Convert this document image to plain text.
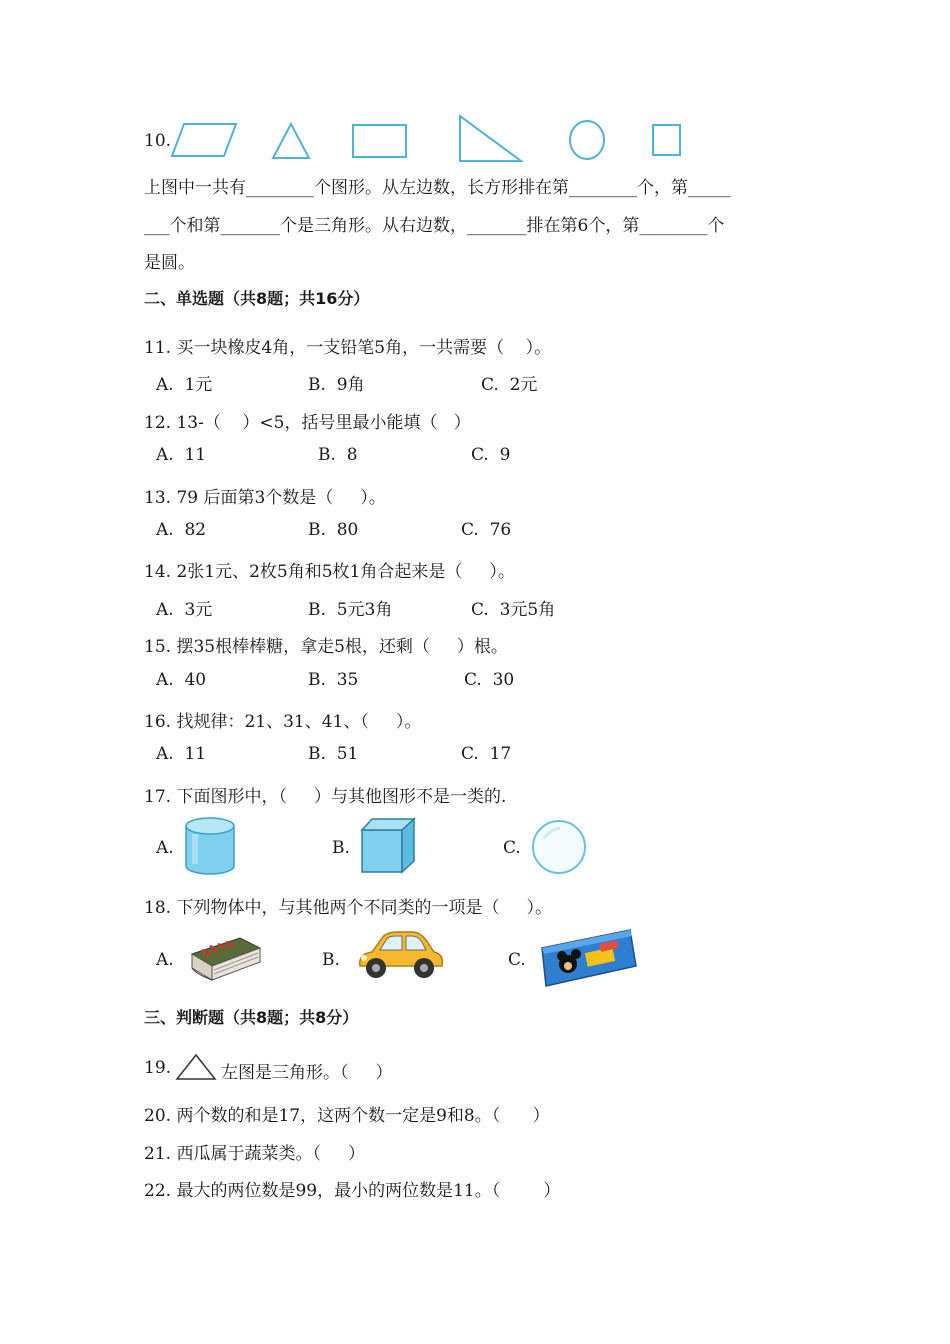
10.
上图中一共有________个图形。从左边数，长方形排在第________个，第_____
___个和第_______个是三角形。从右边数，_______排在第6个，第________个
是圆。
二、单选题（共8题；共16分）
11. 买一块橡皮4角，一支铅笔5角，一共需要（    ）。
A.  1元	B.  9角	C.  2元
12. 13-（    ）<5，括号里最小能填（   ）
A.  11	B.  8	C.  9
13. 79 后面第3个数是（     ）。
A.  82	B.  80	C.  76
14. 2张1元、2枚5角和5枚1角合起来是（     ）。
A.  3元	B.  5元3角	C.  3元5角
15. 摆35根棒棒糖，拿走5根，还剩（     ）根。
A.  40	B.  35	C.  30
16. 找规律：21、31、41、（     ）。
A.  11	B.  51	C.  17
17. 下面图形中，（     ）与其他图形不是一类的.
A.	B.	C.
18. 下列物体中，与其他两个不同类的一项是（     ）。
A.	B.	C.
三、判断题（共8题；共8分）
19.	左图是三角形。（     ）
20. 两个数的和是17，这两个数一定是9和8。（      ）
21. 西瓜属于蔬菜类。（     ）
22. 最大的两位数是99，最小的两位数是11。（        ）
